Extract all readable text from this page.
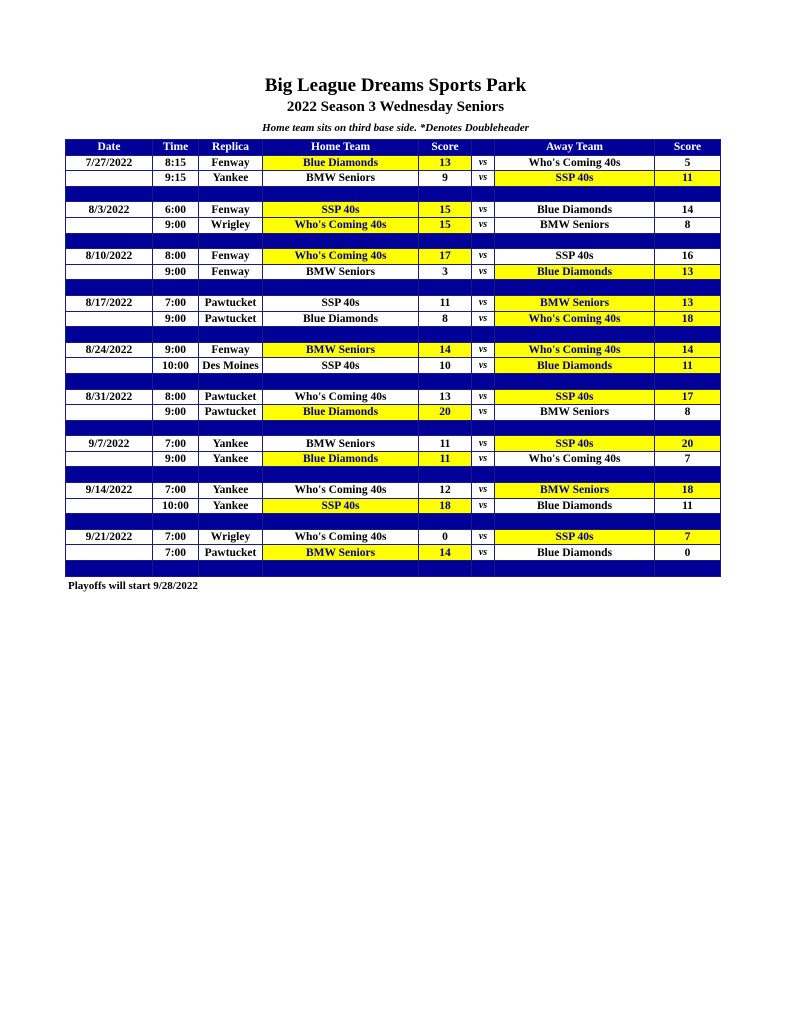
Big League Dreams Sports Park
2022 Season 3 Wednesday Seniors
Home team sits on third base side. *Denotes Doubleheader
Date	Time	Replica	Home Team	Score		Away Team	Score
7/27/2022	8:15	Fenway	Blue Diamonds	13	vs	Who's Coming 40s	5
	9:15	Yankee	BMW Seniors	9	vs	SSP 40s	11

8/3/2022	6:00	Fenway	SSP 40s	15	vs	Blue Diamonds	14
	9:00	Wrigley	Who's Coming 40s	15	vs	BMW Seniors	8

8/10/2022	8:00	Fenway	Who's Coming 40s	17	vs	SSP 40s	16
	9:00	Fenway	BMW Seniors	3	vs	Blue Diamonds	13

8/17/2022	7:00	Pawtucket	SSP 40s	11	vs	BMW Seniors	13
	9:00	Pawtucket	Blue Diamonds	8	vs	Who's Coming 40s	18

8/24/2022	9:00	Fenway	BMW Seniors	14	vs	Who's Coming 40s	14
	10:00	Des Moines	SSP 40s	10	vs	Blue Diamonds	11

8/31/2022	8:00	Pawtucket	Who's Coming 40s	13	vs	SSP 40s	17
	9:00	Pawtucket	Blue Diamonds	20	vs	BMW Seniors	8

9/7/2022	7:00	Yankee	BMW Seniors	11	vs	SSP 40s	20
	9:00	Yankee	Blue Diamonds	11	vs	Who's Coming 40s	7

9/14/2022	7:00	Yankee	Who's Coming 40s	12	vs	BMW Seniors	18
	10:00	Yankee	SSP 40s	18	vs	Blue Diamonds	11

9/21/2022	7:00	Wrigley	Who's Coming 40s	0	vs	SSP 40s	7
	7:00	Pawtucket	BMW Seniors	14	vs	Blue Diamonds	0

Playoffs will start 9/28/2022
